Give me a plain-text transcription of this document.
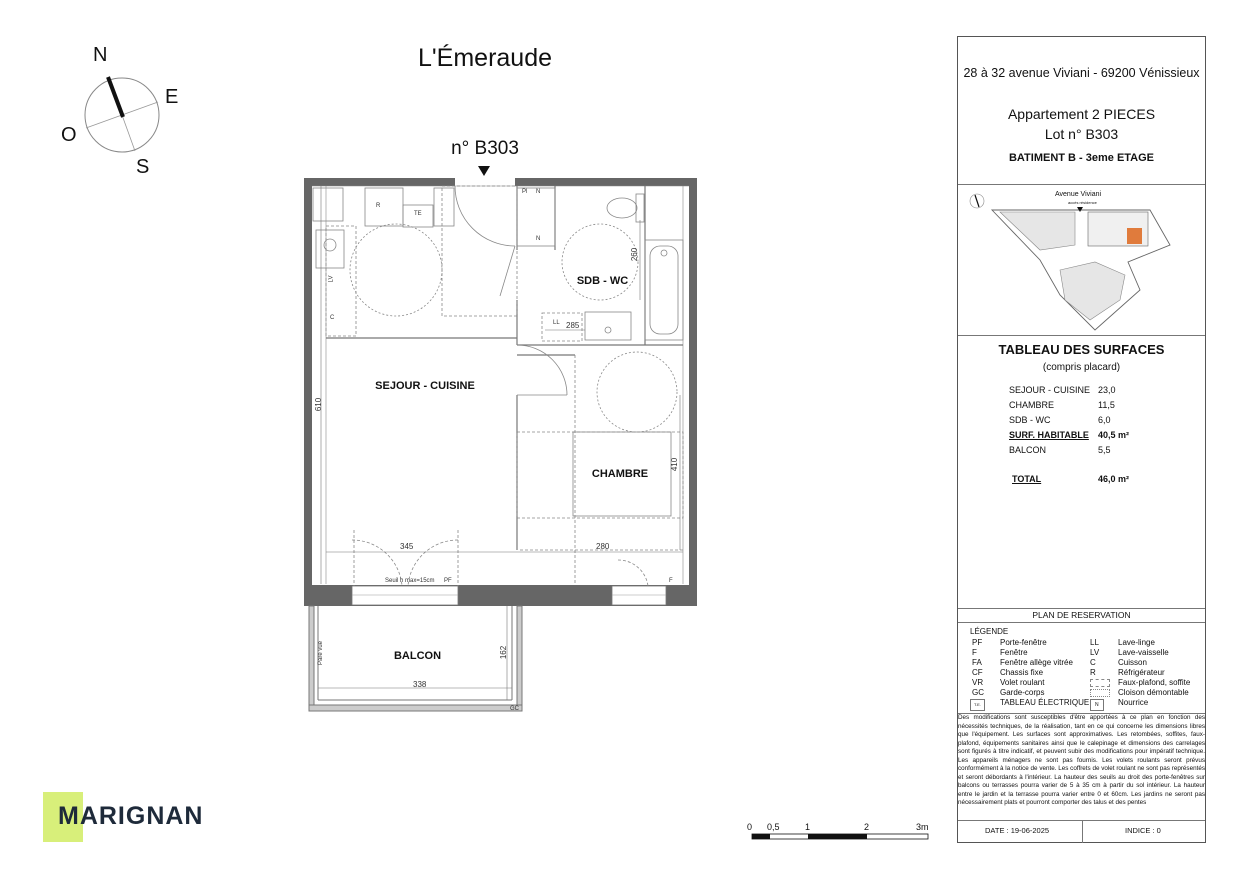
L'Émeraude
n° B303
N
E
S
O
SEJOUR - CUISINE
CHAMBRE
SDB - WC
BALCON
610
345	280
410
260
285
338
162
Pl N
N
R
TE
LV
C
LL
F
GC
Pare vue
Seuil h max=15cm PF
28 à 32 avenue Viviani - 69200 Vénissieux
Appartement 2 PIECES
Lot n° B303
BATIMENT B - 3eme ETAGE
Avenue Viviani
accès résidence
TABLEAU DES SURFACES
(compris placard)
SEJOUR - CUISINE 23,0
CHAMBRE	11,5
SDB - WC	6,0
SURF. HABITABLE 40,5 m²
BALCON	5,5
TOTAL	46,0 m²
PLAN DE RESERVATION
LÉGENDE
PF Porte-fenêtre
F	Fenêtre
FA Fenêtre allège vitrée
CF Chassis fixe
VR Volet roulant
GC Garde-corps
T.E.	TABLEAU ÉLECTRIQUE
LL Lave-linge
LV Lave-vaisselle
C	Cuisson
R	Réfrigérateur
Faux-plafond, soffite
Cloison démontable
N	Nourrice
Des modifications sont susceptibles d'être apportées à ce plan en fonction des nécessités techniques, de la réalisation, tant en ce qui concerne les dimensions libres que l'équipement. Les surfaces sont approximatives. Les retombées, soffites, faux-plafond, équipements sanitaires ainsi que le calepinage et dimensions des carrelages sont figurés à titre indicatif, et peuvent subir des modifications pour impératif technique. Les appareils ménagers ne sont pas fournis. Les volets roulants seront prévus conformément à la notice de vente. Les coffrets de volet roulant ne sont pas représentés et seront débordants à l'intérieur. La hauteur des seuils au droit des porte-fenêtres sur balcons ou terrasses pourra varier de 5 à 35 cm à partir du sol intérieur. La hauteur entre le jardin et la terrasse pourra varier entre 0 et 60cm. Les jardins ne seront pas nécessairement plats et pourront comporter des talus et des pentes
DATE : 19-06-2025	INDICE : 0
0 0,5	1	2	3m
MARIGNAN
